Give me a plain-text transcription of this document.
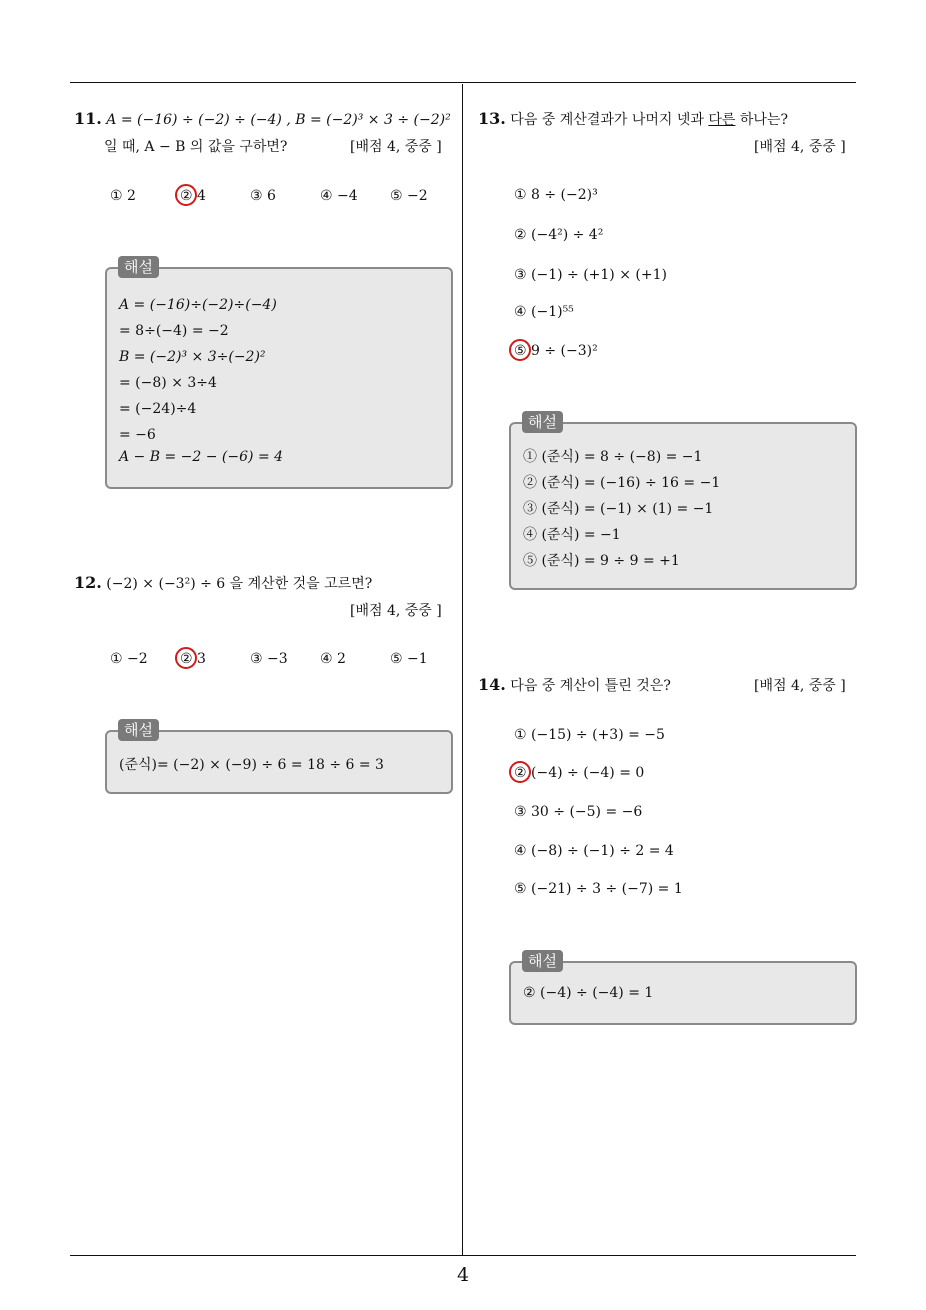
4
11. A = (−16) ÷ (−2) ÷ (−4) , B = (−2)³ × 3 ÷ (−2)²
일 때, A − B 의 값을 구하면?	[배점 4, 중중 ]
① 2	② 4	③ 6	④ −4 ⑤ −2
A = (−16)÷(−2)÷(−4)
= 8÷(−4) = −2
B = (−2)³ × 3÷(−2)²
= (−8) × 3÷4
= (−24)÷4
= −6
A − B = −2 − (−6) = 4
해설
12. (−2) × (−3²) ÷ 6 을 계산한 것을 고르면?
[배점 4, 중중 ]
① −2 ② 3	③ −3 ④ 2	⑤ −1
(준식)= (−2) × (−9) ÷ 6 = 18 ÷ 6 = 3
해설
13. 다음 중 계산결과가 나머지 넷과 다른 하나는?
[배점 4, 중중 ]
① 8 ÷ (−2)³
② (−4²) ÷ 4²
③ (−1) ÷ (+1) × (+1)
④ (−1)⁵⁵
⑤ 9 ÷ (−3)²
① (준식) = 8 ÷ (−8) = −1
② (준식) = (−16) ÷ 16 = −1
③ (준식) = (−1) × (1) = −1
④ (준식) = −1
⑤ (준식) = 9 ÷ 9 = +1
해설
14. 다음 중 계산이 틀린 것은?	[배점 4, 중중 ]
① (−15) ÷ (+3) = −5
② (−4) ÷ (−4) = 0
③ 30 ÷ (−5) = −6
④ (−8) ÷ (−1) ÷ 2 = 4
⑤ (−21) ÷ 3 ÷ (−7) = 1
② (−4) ÷ (−4) = 1
해설
